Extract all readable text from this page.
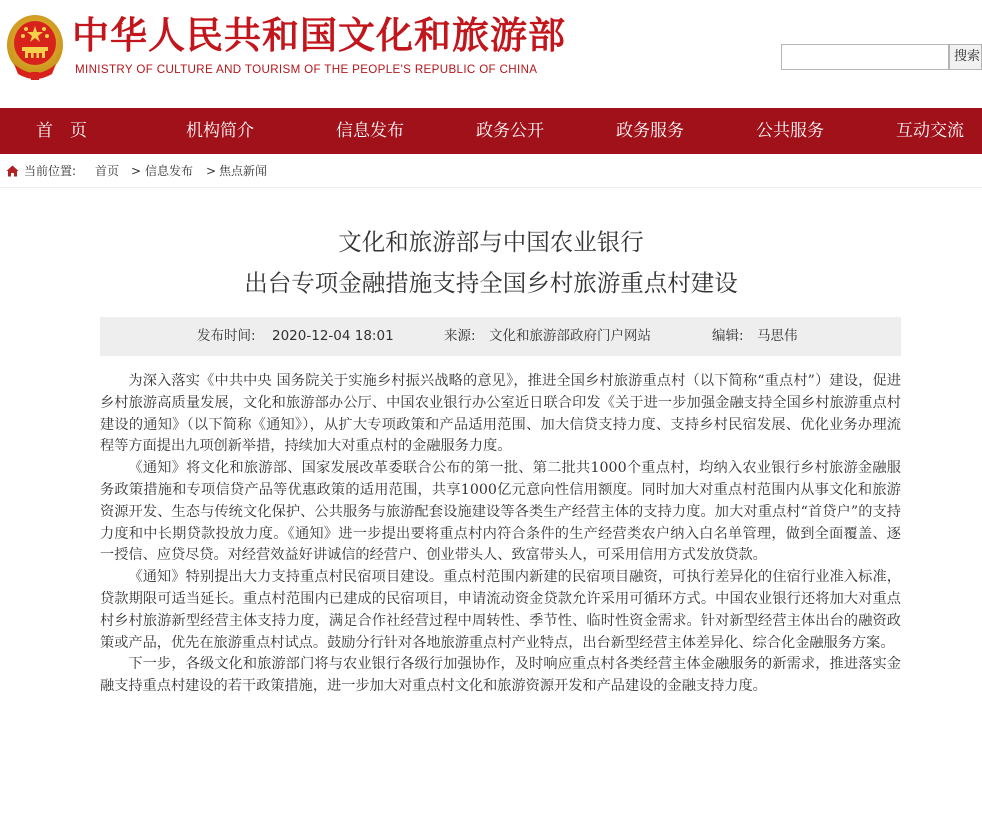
中华人民共和国文化和旅游部
MINISTRY OF CULTURE AND TOURISM OF THE PEOPLE'S REPUBLIC OF CHINA
搜索
首　页	机构简介	信息发布	政务公开	政务服务	公共服务	互动交流
当前位置: 首页 > 信息发布 > 焦点新闻
文化和旅游部与中国农业银行
出台专项金融措施支持全国乡村旅游重点村建设
发布时间: 2020-12-04 18:01	来源: 文化和旅游部政府门户网站	编辑: 马思伟

为深入落实《中共中央 国务院关于实施乡村振兴战略的意见》，推进全国乡村旅游重点村（以下简称“重点村”）建设，促进乡村旅游高质量发展，文化和旅游部办公厅、中国农业银行办公室近日联合印发《关于进一步加强金融支持全国乡村旅游重点村建设的通知》（以下简称《通知》），从扩大专项政策和产品适用范围、加大信贷支持力度、支持乡村民宿发展、优化业务办理流程等方面提出九项创新举措，持续加大对重点村的金融服务力度。

《通知》将文化和旅游部、国家发展改革委联合公布的第一批、第二批共1000个重点村，均纳入农业银行乡村旅游金融服务政策措施和专项信贷产品等优惠政策的适用范围，共享1000亿元意向性信用额度。同时加大对重点村范围内从事文化和旅游资源开发、生态与传统文化保护、公共服务与旅游配套设施建设等各类生产经营主体的支持力度。加大对重点村“首贷户”的支持力度和中长期贷款投放力度。《通知》进一步提出要将重点村内符合条件的生产经营类农户纳入白名单管理，做到全面覆盖、逐一授信、应贷尽贷。对经营效益好讲诚信的经营户、创业带头人、致富带头人，可采用信用方式发放贷款。

《通知》特别提出大力支持重点村民宿项目建设。重点村范围内新建的民宿项目融资，可执行差异化的住宿行业准入标准，贷款期限可适当延长。重点村范围内已建成的民宿项目，申请流动资金贷款允许采用可循环方式。中国农业银行还将加大对重点村乡村旅游新型经营主体支持力度，满足合作社经营过程中周转性、季节性、临时性资金需求。针对新型经营主体出台的融资政策或产品，优先在旅游重点村试点。鼓励分行针对各地旅游重点村产业特点，出台新型经营主体差异化、综合化金融服务方案。

下一步，各级文化和旅游部门将与农业银行各级行加强协作，及时响应重点村各类经营主体金融服务的新需求，推进落实金融支持重点村建设的若干政策措施，进一步加大对重点村文化和旅游资源开发和产品建设的金融支持力度。
